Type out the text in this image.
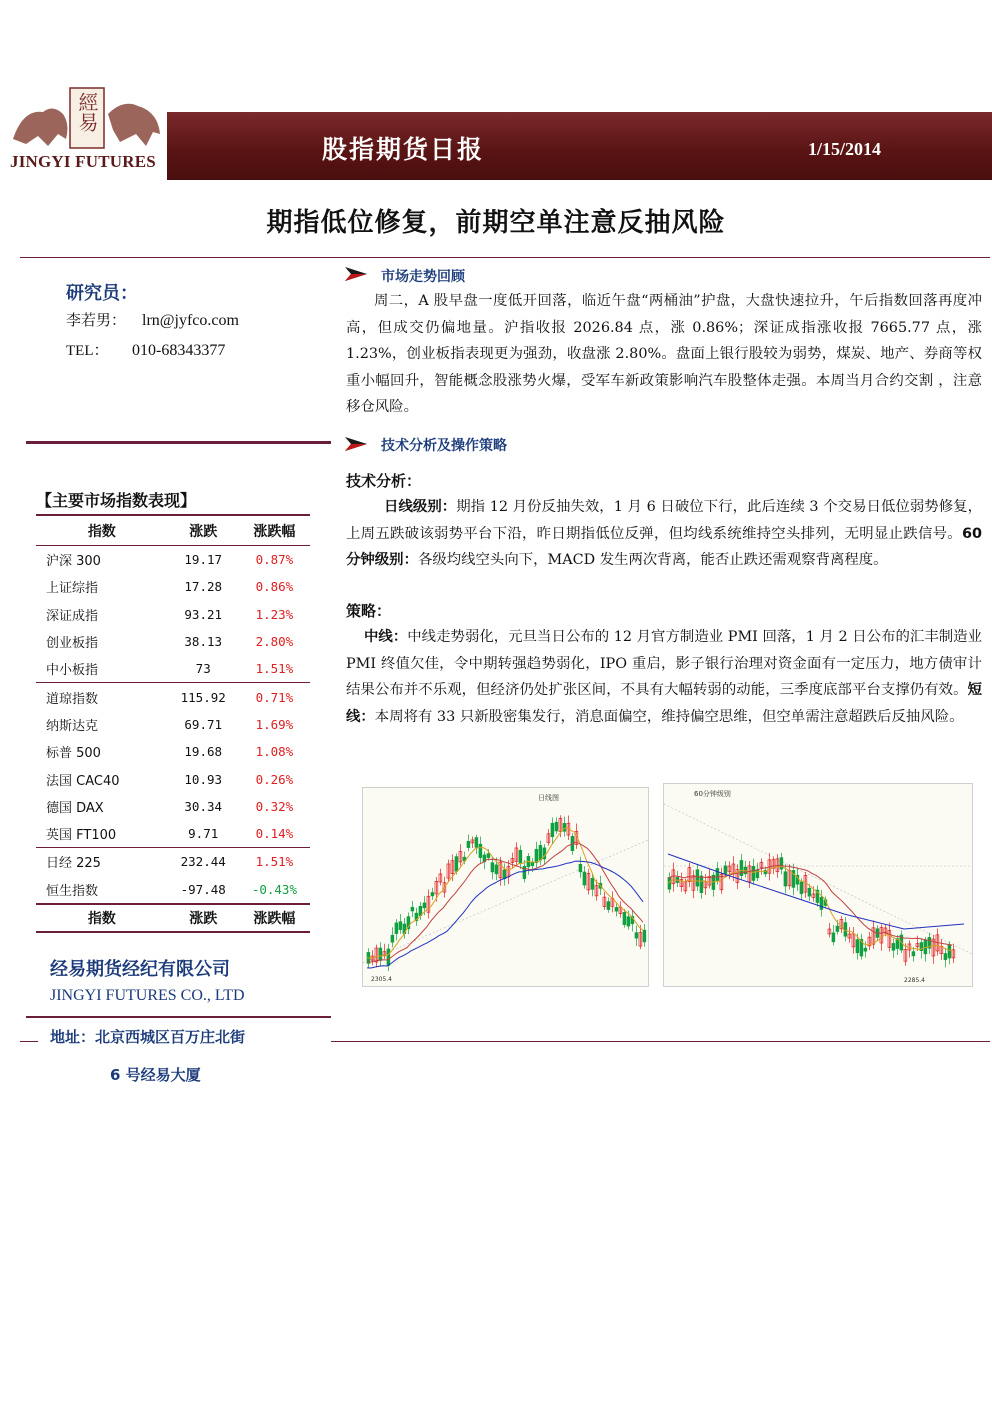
經易
JINGYI FUTURES	股指期货日报	1/15/2014
期指低位修复，前期空单注意反抽风险
研究员：
李若男： lrn@jyfco.com
TEL： 010-68343377
【主要市场指数表现】
指数	涨跌	涨跌幅
沪深 300	19.17	0.87%
上证综指	17.28	0.86%
深证成指	93.21	1.23%
创业板指	38.13	2.80%
中小板指	73	1.51%
道琼指数	115.92	0.71%
纳斯达克	69.71	1.69%
标普 500	19.68	1.08%
法国 CAC40	10.93	0.26%
德国 DAX	30.34	0.32%
英国 FT100	9.71	0.14%
日经 225	232.44	1.51%
恒生指数	-97.48	-0.43%
指数	涨跌	涨跌幅
经易期货经纪有限公司
JINGYI FUTURES CO., LTD
地址：北京西城区百万庄北街
6 号经易大厦
市场走势回顾
周二，A 股早盘一度低开回落，临近午盘“两桶油”护盘，大盘快速拉升，午后指数回落再度冲高，但成交仍偏地量。沪指收报 2026.84 点，涨 0.86%；深证成指涨收报 7665.77 点，涨 1.23%，创业板指表现更为强劲，收盘涨 2.80%。盘面上银行股较为弱势，煤炭、地产、券商等权重小幅回升，智能概念股涨势火爆，受军车新政策影响汽车股整体走强。本周当月合约交割 ，注意移仓风险。
技术分析及操作策略
技术分析：
日线级别：期指 12 月份反抽失效，1 月 6 日破位下行，此后连续 3 个交易日低位弱势修复，上周五跌破该弱势平台下沿，昨日期指低位反弹，但均线系统维持空头排列，无明显止跌信号。60 分钟级别：各级均线空头向下，MACD 发生两次背离，能否止跌还需观察背离程度。
策略：
中线：中线走势弱化，元旦当日公布的 12 月官方制造业 PMI 回落，1 月 2 日公布的汇丰制造业 PMI 终值欠佳，令中期转强趋势弱化，IPO 重启，影子银行治理对资金面有一定压力，地方债审计结果公布并不乐观，但经济仍处扩张区间，不具有大幅转弱的动能，三季度底部平台支撑仍有效。短线：本周将有 33 只新股密集发行，消息面偏空，维持偏空思维，但空单需注意超跌后反抽风险。
日线图
2305.4
60分钟级别
2285.4
